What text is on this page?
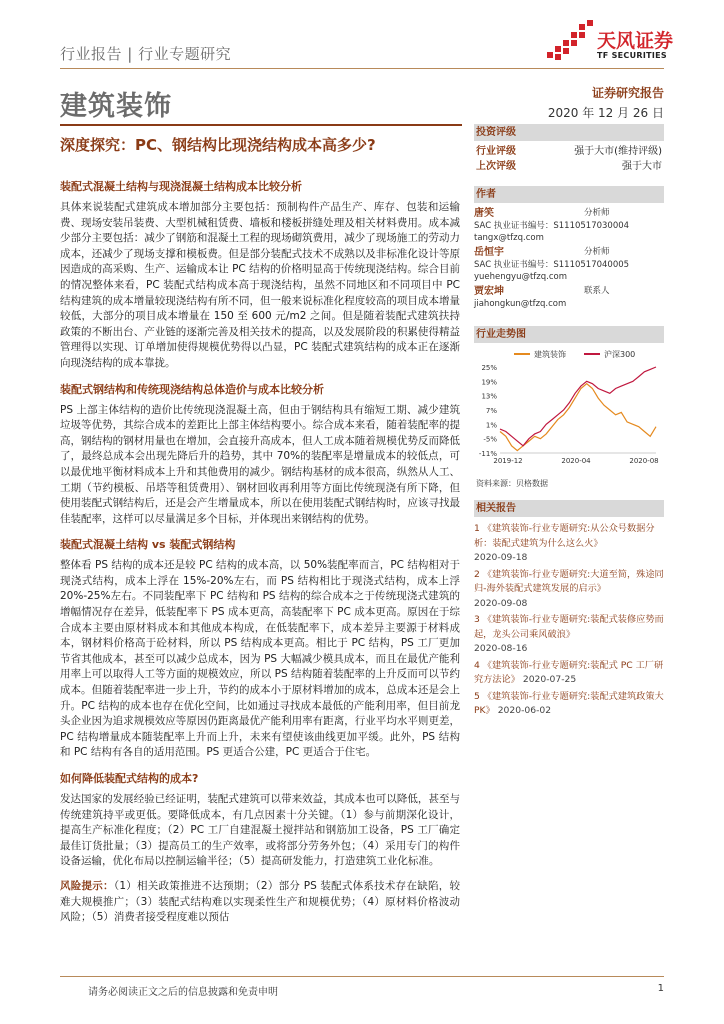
行业报告 | 行业专题研究
天风证券
TF SECURITIES
建筑装饰	证券研究报告
2020 年 12 月 26 日
深度探究：PC、钢结构比现浇结构成本高多少?
装配式混凝土结构与现浇混凝土结构成本比较分析

具体来说装配式建筑成本增加部分主要包括：预制构件产品生产、库存、包装和运输费、现场安装吊装费、大型机械租赁费、墙板和楼板拼缝处理及相关材料费用。成本减少部分主要包括：减少了钢筋和混凝土工程的现场砌筑费用，减少了现场施工的劳动力成本，还减少了现场支撑和模板费。但是部分装配式技术不成熟以及非标准化设计等原因造成的高采购、生产、运输成本让 PC 结构的价格明显高于传统现浇结构。综合目前的情况整体来看，PC 装配式结构成本高于现浇结构，虽然不同地区和不同项目中 PC 结构建筑的成本增量较现浇结构有所不同，但一般来说标准化程度较高的项目成本增量较低，大部分的项目成本增量在 150 至 600 元/m2 之间。但是随着装配式建筑扶持政策的不断出台、产业链的逐渐完善及相关技术的提高，以及发展阶段的积累使得精益管理得以实现、订单增加使得规模优势得以凸显，PC 装配式建筑结构的成本正在逐渐向现浇结构的成本靠拢。

装配式钢结构和传统现浇结构总体造价与成本比较分析

PS 上部主体结构的造价比传统现浇混凝土高，但由于钢结构具有缩短工期、减少建筑垃圾等优势，其综合成本的差距比上部主体结构要小。综合成本来看，随着装配率的提高，钢结构的钢材用量也在增加，会直接升高成本，但人工成本随着规模优势反而降低了，最终总成本会出现先降后升的趋势，其中 70%的装配率是增量成本的较低点，可以最优地平衡材料成本上升和其他费用的减少。钢结构基材的成本很高，纵然从人工、工期（节约模板、吊塔等租赁费用）、钢材回收再利用等方面比传统现浇有所下降，但使用装配式钢结构后，还是会产生增量成本，所以在使用装配式钢结构时，应该寻找最佳装配率，这样可以尽量满足多个目标，并体现出来钢结构的优势。

装配式混凝土结构 vs 装配式钢结构

整体看 PS 结构的成本还是较 PC 结构的成本高，以 50%装配率而言，PC 结构相对于现浇式结构，成本上浮在 15%-20%左右，而 PS 结构相比于现浇式结构，成本上浮 20%-25%左右。不同装配率下 PC 结构和 PS 结构的综合成本之于传统现浇式建筑的增幅情况存在差异，低装配率下 PS 成本更高，高装配率下 PC 成本更高。原因在于综合成本主要由原材料成本和其他成本构成，在低装配率下，成本差异主要源于材料成本，钢材料价格高于砼材料，所以 PS 结构成本更高。相比于 PC 结构，PS 工厂更加节省其他成本，甚至可以减少总成本，因为 PS 大幅减少模具成本，而且在最优产能利用率上可以取得人工等方面的规模效应，所以 PS 结构随着装配率的上升反而可以节约成本。但随着装配率进一步上升，节约的成本小于原材料增加的成本，总成本还是会上升。PC 结构的成本也存在优化空间，比如通过寻找成本最低的产能利用率，但目前龙头企业因为追求规模效应等原因仍距离最优产能利用率有距离，行业平均水平则更差，PC 结构增量成本随装配率上升而上升，未来有望使该曲线更加平缓。此外，PS 结构和 PC 结构有各自的适用范围。PS 更适合公建，PC 更适合于住宅。

如何降低装配式结构的成本?

发达国家的发展经验已经证明，装配式建筑可以带来效益，其成本也可以降低，甚至与传统建筑持平或更低。要降低成本，有几点因素十分关键。（1）参与前期深化设计，提高生产标准化程度；（2）PC 工厂自建混凝土搅拌站和钢筋加工设备，PS 工厂确定最佳订货批量；（3）提高员工的生产效率，或将部分劳务外包；（4）采用专门的构件设备运输，优化布局以控制运输半径；（5）提高研发能力，打造建筑工业化标准。

风险提示：（1）相关政策推进不达预期；（2）部分 PS 装配式体系技术存在缺陷，较难大规模推广；（3）装配式结构难以实现柔性生产和规模优势；（4）原材料价格波动风险；（5）消费者接受程度难以预估

投资评级
行业评级	强于大市(维持评级)
上次评级	强于大市
作者
唐笑	分析师
SAC 执业证书编号：S1110517030004
tangx@tfzq.com
岳恒宇	分析师
SAC 执业证书编号：S1110517040005
yuehengyu@tfzq.com
贾宏坤	联系人
jiahongkun@tfzq.com
行业走势图
建筑装饰	沪深300
25%
19%
13%
7%
1%
-5%
-11%
2019-12	2020-04	2020-08
资料来源：贝格数据
相关报告
1 《建筑装饰-行业专题研究:从公众号数据分析：装配式建筑为什么这么火》
2020-09-18
2 《建筑装饰-行业专题研究:大道至简，殊途同归-海外装配式建筑发展的启示》
2020-09-08
3 《建筑装饰-行业专题研究:装配式装修应势而起，龙头公司乘风破浪》
2020-08-16
4 《建筑装饰-行业专题研究:装配式 PC 工厂研究方法论》 2020-07-25
5 《建筑装饰-行业专题研究:装配式建筑政策大 PK》 2020-06-02
请务必阅读正文之后的信息披露和免责申明	1
